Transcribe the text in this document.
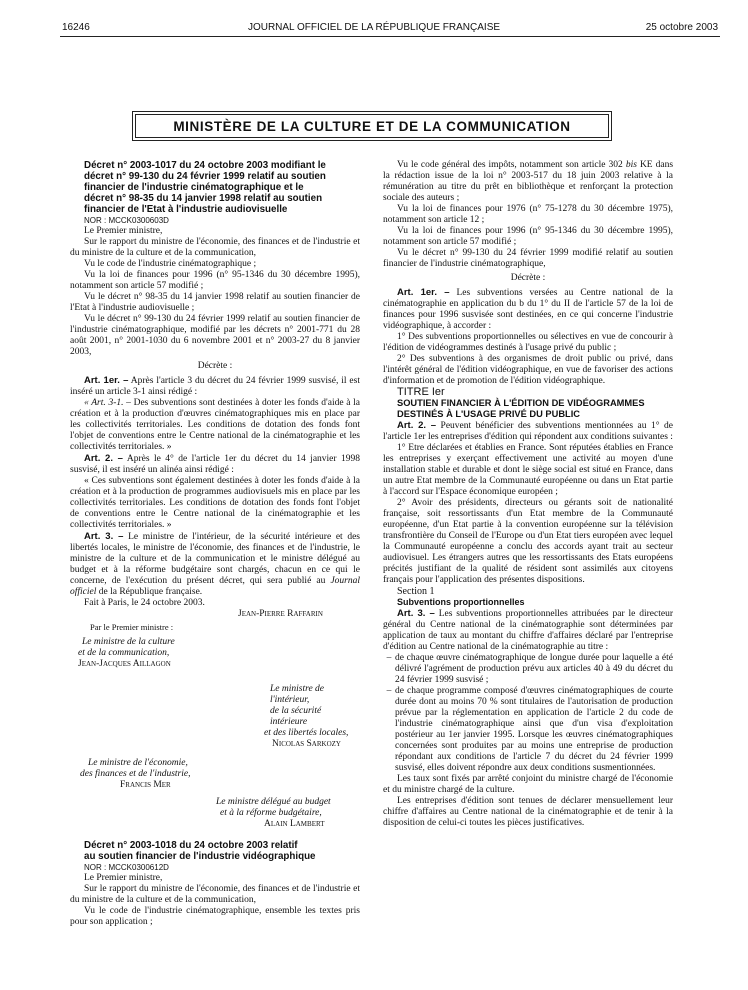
16246	JOURNAL OFFICIEL DE LA RÉPUBLIQUE FRANÇAISE	25 octobre 2003
MINISTÈRE DE LA CULTURE ET DE LA COMMUNICATION

Décret n° 2003-1017 du 24 octobre 2003 modifiant le

décret n° 99-130 du 24 février 1999 relatif au soutien

financier de l'industrie cinématographique et le

décret n° 98-35 du 14 janvier 1998 relatif au soutien

financier de l'Etat à l'industrie audiovisuelle

NOR : MCCK0300603D

Le Premier ministre,

Sur le rapport du ministre de l'économie, des finances et de l'industrie et du ministre de la culture et de la communication,

Vu le code de l'industrie cinématographique ;

Vu la loi de finances pour 1996 (n° 95-1346 du 30 décembre 1995), notamment son article 57 modifié ;

Vu le décret n° 98-35 du 14 janvier 1998 relatif au soutien financier de l'Etat à l'industrie audiovisuelle ;

Vu le décret n° 99-130 du 24 février 1999 relatif au soutien financier de l'industrie cinématographique, modifié par les décrets n° 2001-771 du 28 août 2001, n° 2001-1030 du 6 novembre 2001 et n° 2003-27 du 8 janvier 2003,

Décrète :

Art. 1er. – Après l'article 3 du décret du 24 février 1999 susvisé, il est inséré un article 3-1 ainsi rédigé :

« Art. 3-1. – Des subventions sont destinées à doter les fonds d'aide à la création et à la production d'œuvres cinématographiques mis en place par les collectivités territoriales. Les conditions de dotation des fonds font l'objet de conventions entre le Centre national de la cinématographie et les collectivités territoriales. »

Art. 2. – Après le 4° de l'article 1er du décret du 14 janvier 1998 susvisé, il est inséré un alinéa ainsi rédigé :

« Ces subventions sont également destinées à doter les fonds d'aide à la création et à la production de programmes audiovisuels mis en place par les collectivités territoriales. Les conditions de dotation des fonds font l'objet de conventions entre le Centre national de la cinématographie et les collectivités territoriales. »

Art. 3. – Le ministre de l'intérieur, de la sécurité intérieure et des libertés locales, le ministre de l'économie, des finances et de l'industrie, le ministre de la culture et de la communication et le ministre délégué au budget et à la réforme budgétaire sont chargés, chacun en ce qui le concerne, de l'exécution du présent décret, qui sera publié au Journal officiel de la République française.

Fait à Paris, le 24 octobre 2003.

Jean-Pierre Raffarin
Par le Premier ministre :
Le ministre de la culture
et de la communication,
Jean-Jacques Aillagon
Le ministre de l'intérieur,
de la sécurité intérieure
et des libertés locales,
Nicolas Sarkozy
Le ministre de l'économie,
des finances et de l'industrie,
Francis Mer
Le ministre délégué au budget
et à la réforme budgétaire,
Alain Lambert

Décret n° 2003-1018 du 24 octobre 2003 relatif

au soutien financier de l'industrie vidéographique

NOR : MCCK0300612D

Le Premier ministre,

Sur le rapport du ministre de l'économie, des finances et de l'industrie et du ministre de la culture et de la communication,

Vu le code de l'industrie cinématographique, ensemble les textes pris pour son application ;

Vu le code général des impôts, notamment son article 302 bis KE dans la rédaction issue de la loi n° 2003-517 du 18 juin 2003 relative à la rémunération au titre du prêt en bibliothèque et renforçant la protection sociale des auteurs ;

Vu la loi de finances pour 1976 (n° 75-1278 du 30 décembre 1975), notamment son article 12 ;

Vu la loi de finances pour 1996 (n° 95-1346 du 30 décembre 1995), notamment son article 57 modifié ;

Vu le décret n° 99-130 du 24 février 1999 modifié relatif au soutien financier de l'industrie cinématographique,

Décrète :

Art. 1er. – Les subventions versées au Centre national de la cinématographie en application du b du 1° du II de l'article 57 de la loi de finances pour 1996 susvisée sont destinées, en ce qui concerne l'industrie vidéographique, à accorder :

1° Des subventions proportionnelles ou sélectives en vue de concourir à l'édition de vidéogrammes destinés à l'usage privé du public ;

2° Des subventions à des organismes de droit public ou privé, dans l'intérêt général de l'édition vidéographique, en vue de favoriser des actions d'information et de promotion de l'édition vidéographique.

TITRE Ier

SOUTIEN FINANCIER À L'ÉDITION DE VIDÉOGRAMMES

DESTINÉS À L'USAGE PRIVÉ DU PUBLIC

Art. 2. – Peuvent bénéficier des subventions mentionnées au 1° de l'article 1er les entreprises d'édition qui répondent aux conditions suivantes :

1° Etre déclarées et établies en France. Sont réputées établies en France les entreprises y exerçant effectivement une activité au moyen d'une installation stable et durable et dont le siège social est situé en France, dans un autre Etat membre de la Communauté européenne ou dans un Etat partie à l'accord sur l'Espace économique européen ;

2° Avoir des présidents, directeurs ou gérants soit de nationalité française, soit ressortissants d'un Etat membre de la Communauté européenne, d'un Etat partie à la convention européenne sur la télévision transfrontière du Conseil de l'Europe ou d'un Etat tiers européen avec lequel la Communauté européenne a conclu des accords ayant trait au secteur audiovisuel. Les étrangers autres que les ressortissants des Etats européens précités justifiant de la qualité de résident sont assimilés aux citoyens français pour l'application des présentes dispositions.

Section 1

Subventions proportionnelles

Art. 3. – Les subventions proportionnelles attribuées par le directeur général du Centre national de la cinématographie sont déterminées par application de taux au montant du chiffre d'affaires déclaré par l'entreprise d'édition au Centre national de la cinématographie au titre :

– de chaque œuvre cinématographique de longue durée pour laquelle a été délivré l'agrément de production prévu aux articles 40 à 49 du décret du 24 février 1999 susvisé ;
– de chaque programme composé d'œuvres cinématographiques de courte durée dont au moins 70 % sont titulaires de l'autorisation de production prévue par la réglementation en application de l'article 2 du code de l'industrie cinématographique ainsi que d'un visa d'exploitation postérieur au 1er janvier 1995. Lorsque les œuvres cinématographiques concernées sont produites par au moins une entreprise de production répondant aux conditions de l'article 7 du décret du 24 février 1999 susvisé, elles doivent répondre aux deux conditions susmentionnées.

Les taux sont fixés par arrêté conjoint du ministre chargé de l'économie et du ministre chargé de la culture.

Les entreprises d'édition sont tenues de déclarer mensuellement leur chiffre d'affaires au Centre national de la cinématographie et de tenir à la disposition de celui-ci toutes les pièces justificatives.
